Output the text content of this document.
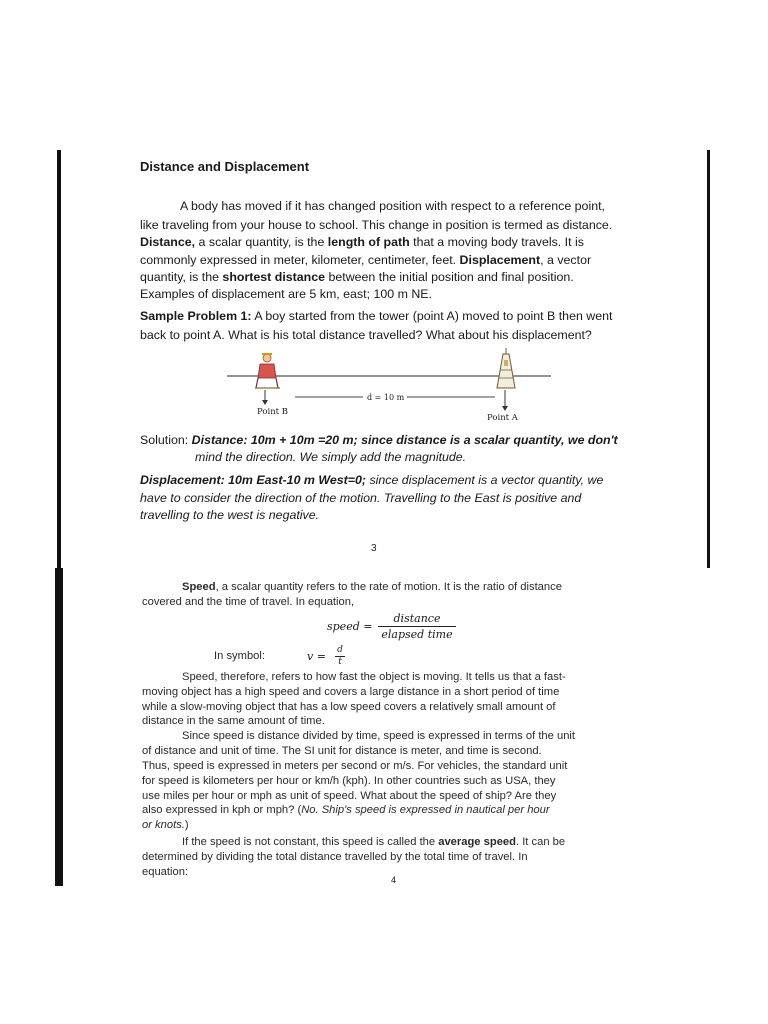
Distance and Displacement

A body has moved if it has changed position with respect to a reference point,

like traveling from your house to school. This change in position is termed as distance.

Distance, a scalar quantity, is the length of path that a moving body travels. It is

commonly expressed in meter, kilometer, centimeter, feet. Displacement, a vector

quantity, is the shortest distance between the initial position and final position.

Examples of displacement are 5 km, east; 100 m NE.

Sample Problem 1: A boy started from the tower (point A) moved to point B then went

back to point A. What is his total distance travelled? What about his displacement?

Point B
Point A
d = 10 m

Solution: Distance: 10m + 10m =20 m; since distance is a scalar quantity, we don't

mind the direction. We simply add the magnitude.

Displacement: 10m East-10 m West=0; since displacement is a vector quantity, we

have to consider the direction of the motion. Travelling to the East is positive and

travelling to the west is negative.

3

Speed, a scalar quantity refers to the rate of motion. It is the ratio of distance

covered and the time of travel. In equation,

speed =
distance
elapsed time

In symbol:	v = d
t

Speed, therefore, refers to how fast the object is moving. It tells us that a fast-

moving object has a high speed and covers a large distance in a short period of time

while a slow-moving object that has a low speed covers a relatively small amount of

distance in the same amount of time.

Since speed is distance divided by time, speed is expressed in terms of the unit

of distance and unit of time. The SI unit for distance is meter, and time is second.

Thus, speed is expressed in meters per second or m/s. For vehicles, the standard unit

for speed is kilometers per hour or km/h (kph). In other countries such as USA, they

use miles per hour or mph as unit of speed. What about the speed of ship? Are they

also expressed in kph or mph? (No. Ship's speed is expressed in nautical per hour

or knots.)

If the speed is not constant, this speed is called the average speed. It can be

determined by dividing the total distance travelled by the total time of travel. In

equation:

4
